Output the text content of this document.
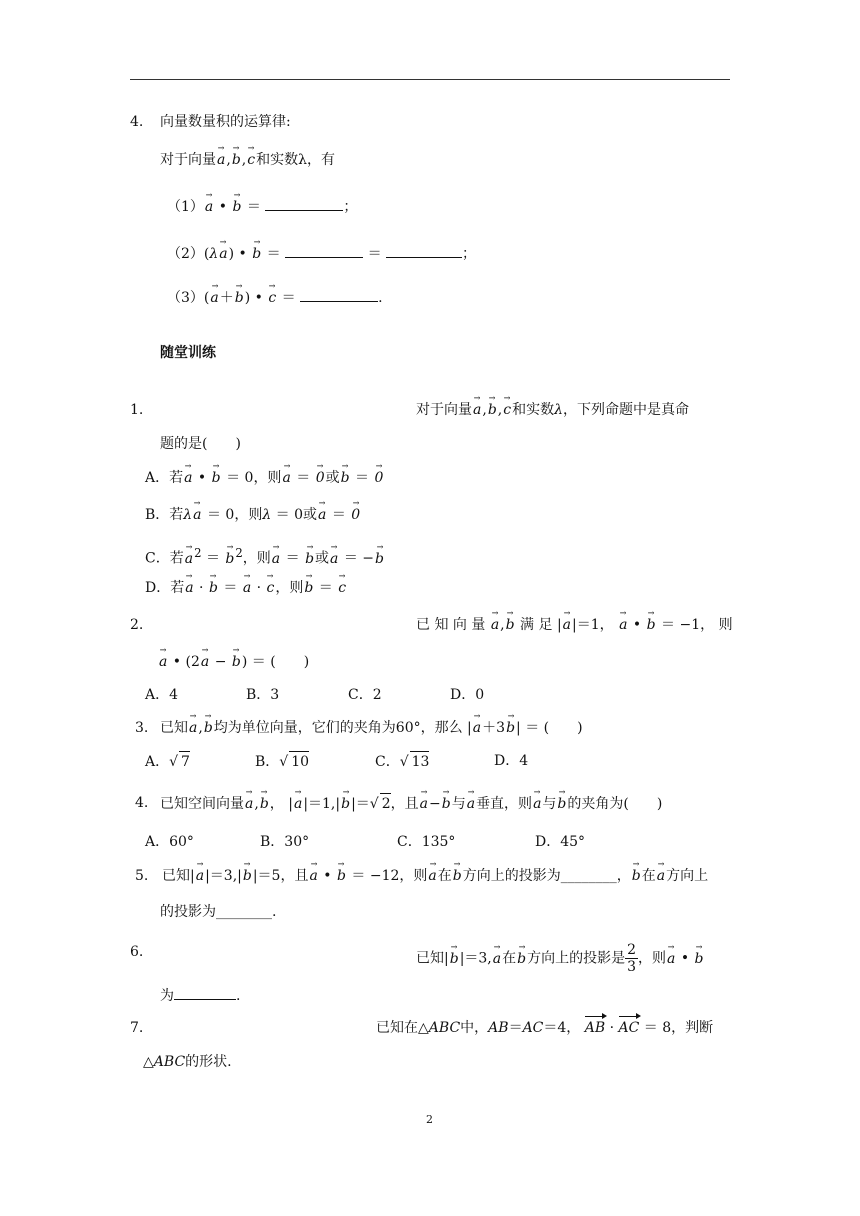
4. 向量数量积的运算律:
对于向量→ a,→ b,→ c和实数λ，有
（1）→ a • → b ＝	；
（2）(λ→ a) • → b ＝	＝	；
（3）(→ a＋→ b) • → c ＝	.
随堂训练
1.	对于向量→ a,→ b,→ c和实数λ，下列命题中是真命
题的是(　　)
A．若→ a • → b ＝ 0，则→ a ＝ → 0或→ b ＝ → 0
B．若λ→ a ＝ 0，则λ ＝ 0或→ a ＝ → 0
C．若→ $a^2$ ＝ → $b^2$，则→ a ＝ → b或→ a ＝ −→ b
D．若→ a · → b ＝ → a · → c，则→ b ＝ → c
2.	已 知 向 量 → a,→ b 满 足 |→ a|＝1， → a • → b ＝ −1， 则
→ a • (2→ a − → b) ＝ (　　)
A．4	B．3	C．2	D．0
3. 已知→ a,→ b均为单位向量，它们的夹角为60°，那么 |→ a＋3→ b| ＝ (　　)
A．√ 7	B．√ 10	C．√ 13	D．4
4. 已知空间向量→ a,→ b， |→ a|＝1,|→ b|＝√ 2，且→ a−→ b与→ a垂直，则→ a与→ b的夹角为(　　)
A．60°	B．30°	C．135°	D．45°
5. 已知|→ a|＝3,|→ b|＝5，且→ a • → b ＝ −12，则→ a在→ b方向上的投影为________，→ b在→ a方向上
的投影为________.
6.	已知|→ b|＝3,→ a在→ b方向上的投影是 $\frac{2}{3}$ ，则→ a • → b
为	.
7.	已知在△ABC中，AB＝AC＝4， AB · AC ＝ 8，判断
△ABC的形状.
2
